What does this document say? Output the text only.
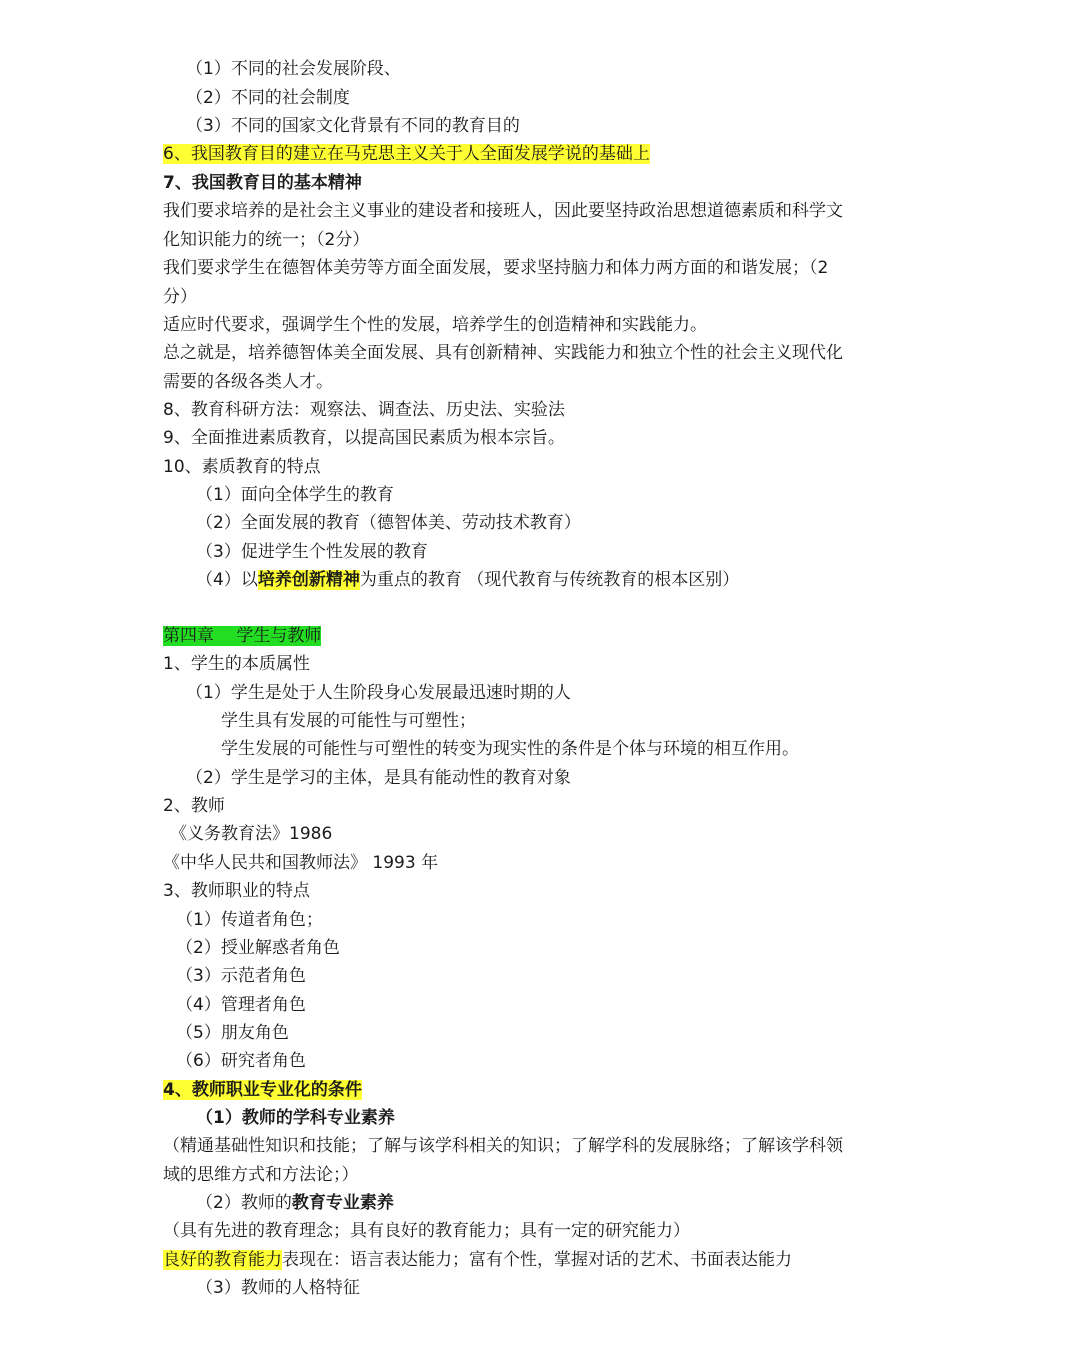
（1）不同的社会发展阶段、
（2）不同的社会制度
（3）不同的国家文化背景有不同的教育目的
6、我国教育目的建立在马克思主义关于人全面发展学说的基础上
7、我国教育目的基本精神
我们要求培养的是社会主义事业的建设者和接班人，因此要坚持政治思想道德素质和科学文
化知识能力的统一；（2分）
我们要求学生在德智体美劳等方面全面发展，要求坚持脑力和体力两方面的和谐发展；（2
分）
适应时代要求，强调学生个性的发展，培养学生的创造精神和实践能力。
总之就是，培养德智体美全面发展、具有创新精神、实践能力和独立个性的社会主义现代化
需要的各级各类人才。
8、教育科研方法：观察法、调查法、历史法、实验法
9、全面推进素质教育，以提高国民素质为根本宗旨。
10、素质教育的特点
（1）面向全体学生的教育
（2）全面发展的教育（德智体美、劳动技术教育）
（3）促进学生个性发展的教育
（4）以培养创新精神为重点的教育 （现代教育与传统教育的根本区别）
第四章　 学生与教师
1、学生的本质属性
（1）学生是处于人生阶段身心发展最迅速时期的人
学生具有发展的可能性与可塑性；
学生发展的可能性与可塑性的转变为现实性的条件是个体与环境的相互作用。
（2）学生是学习的主体，是具有能动性的教育对象
2、教师
《义务教育法》1986
《中华人民共和国教师法》 1993 年
3、教师职业的特点
（1）传道者角色；
（2）授业解惑者角色
（3）示范者角色
（4）管理者角色
（5）朋友角色
（6）研究者角色
4、教师职业专业化的条件
（1）教师的学科专业素养
（精通基础性知识和技能；了解与该学科相关的知识；了解学科的发展脉络；了解该学科领
域的思维方式和方法论；）
（2）教师的教育专业素养
（具有先进的教育理念；具有良好的教育能力；具有一定的研究能力）
良好的教育能力表现在：语言表达能力；富有个性，掌握对话的艺术、书面表达能力
（3）教师的人格特征
